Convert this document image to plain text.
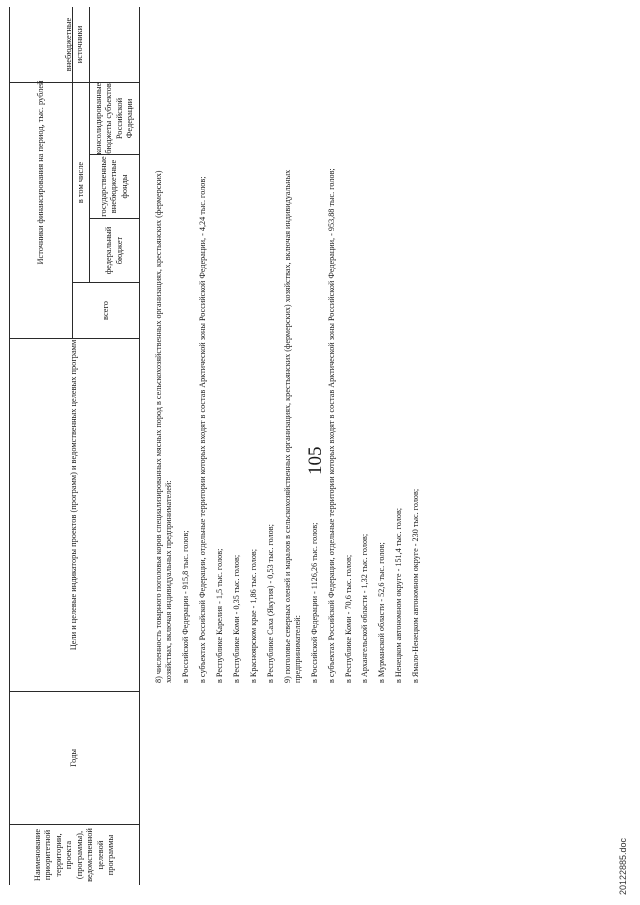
20122885.doc
105
Наименование приоритетной территории, проекта (программы), ведомственной целевой программы
Годы
Цели и целевые индикаторы проектов (программ) и ведомственных целевых программ
Источники финансирования на период, тыс. рублей
всего
в том числе
федеральный бюджет
государственные внебюджетные фонды
консолидированные бюджеты субъектов Российской Федерации
внебюджетные источники
8) численность товарного поголовья коров специализированных мясных пород в сельскохозяйственных организациях, крестьянских (фермерских) хозяйствах, включая индивидуальных предпринимателей: в Российской Федерации - 915,8 тыс. голов; в субъектах Российской Федерации, отдельные территории которых входят в состав Арктической зоны Российской Федерации, - 4,24 тыс. голов; в Республике Карелия - 1,5 тыс. голов; в Республике Коми - 0,35 тыс. голов; в Красноярском крае - 1,86 тыс. голов; в Республике Саха (Якутия) - 0,53 тыс. голов; 9) поголовье северных оленей и маралов в сельскохозяйственных организациях, крестьянских (фермерских) хозяйствах, включая индивидуальных предпринимателей: в Российской Федерации - 1126,26 тыс. голов; в субъектах Российской Федерации, отдельные территории которых входят в состав Арктической зоны Российской Федерации, - 953,88 тыс. голов; в Республике Коми - 70,6 тыс. голов; в Архангельской области - 1,32 тыс. голов; в Мурманской области - 52,6 тыс. голов; в Ненецком автономном округе - 151,4 тыс. голов; в Ямало-Ненецком автономном округе - 230 тыс. голов;
